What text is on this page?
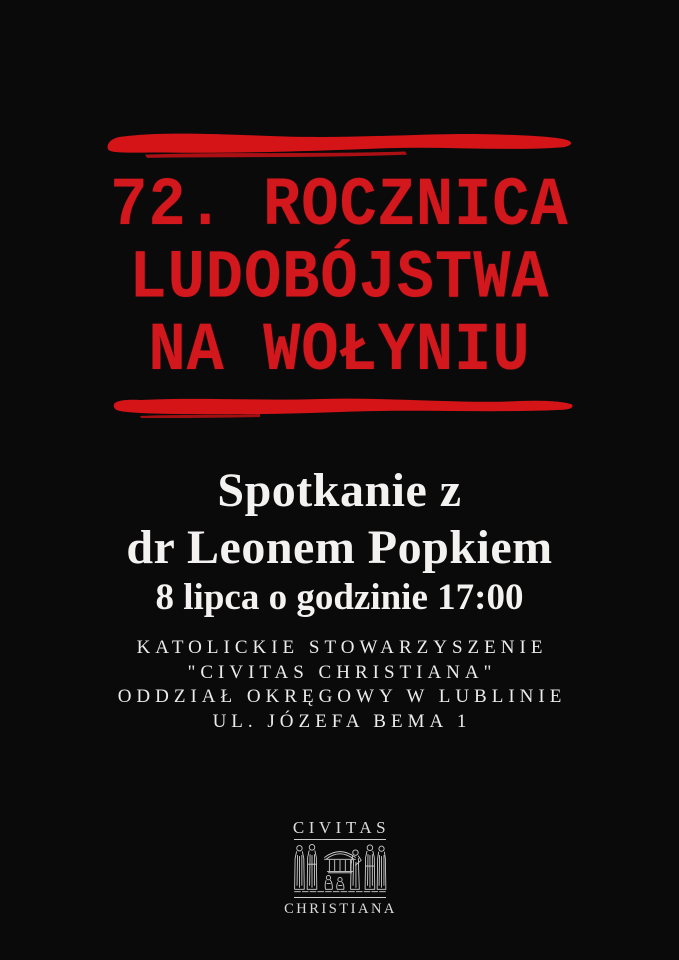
72. ROCZNICA
LUDOBÓJSTWA
NA WOŁYNIU
Spotkanie z
dr Leonem Popkiem
8 lipca o godzinie 17:00
KATOLICKIE STOWARZYSZENIE
"CIVITAS CHRISTIANA"
ODDZIAŁ OKRĘGOWY W LUBLINIE
UL. JÓZEFA BEMA 1
CIVITAS
CHRISTIANA
